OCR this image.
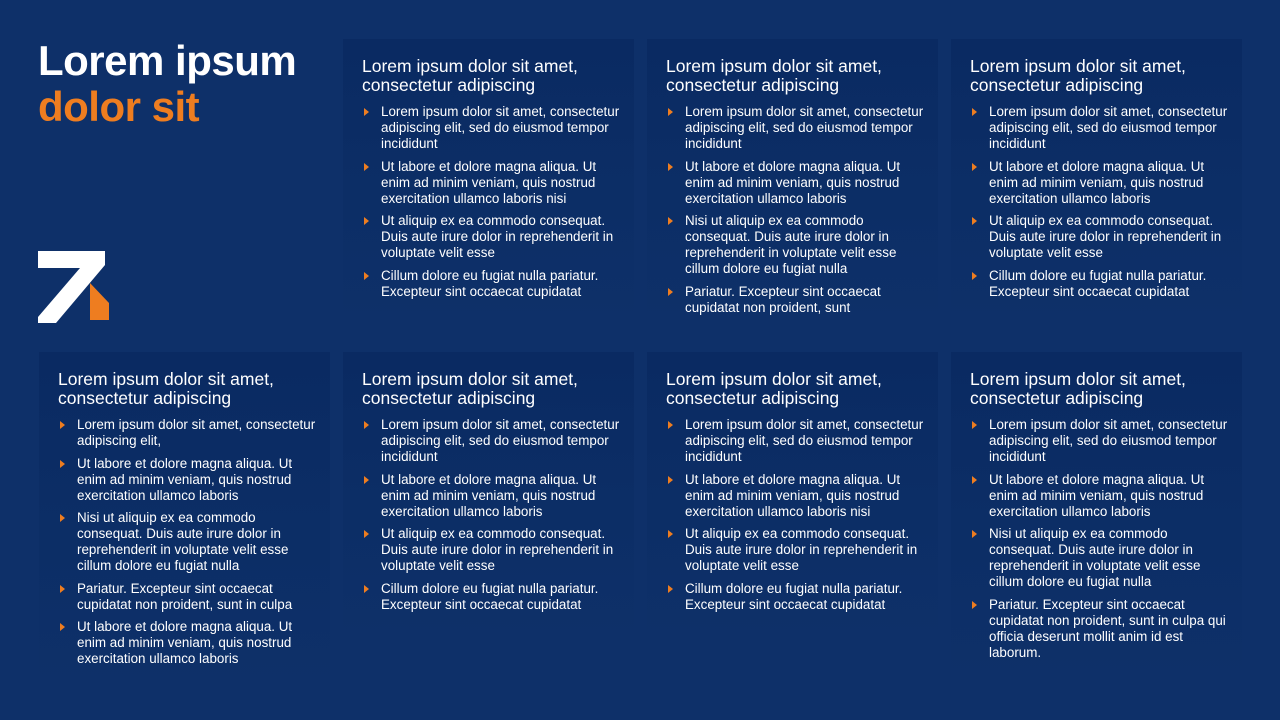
Lorem ipsum
dolor sit
Lorem ipsum dolor sit amet, consectetur adipiscing
Lorem ipsum dolor sit amet, consectetur adipiscing elit, sed do eiusmod tempor incididunt
Ut labore et dolore magna aliqua. Ut enim ad minim veniam, quis nostrud exercitation ullamco laboris nisi
Ut aliquip ex ea commodo consequat. Duis aute irure dolor in reprehenderit in voluptate velit esse
Cillum dolore eu fugiat nulla pariatur. Excepteur sint occaecat cupidatat
Lorem ipsum dolor sit amet, consectetur adipiscing
Lorem ipsum dolor sit amet, consectetur adipiscing elit, sed do eiusmod tempor incididunt
Ut labore et dolore magna aliqua. Ut enim ad minim veniam, quis nostrud exercitation ullamco laboris
Nisi ut aliquip ex ea commodo consequat. Duis aute irure dolor in reprehenderit in voluptate velit esse cillum dolore eu fugiat nulla
Pariatur. Excepteur sint occaecat cupidatat non proident, sunt
Lorem ipsum dolor sit amet, consectetur adipiscing
Lorem ipsum dolor sit amet, consectetur adipiscing elit, sed do eiusmod tempor incididunt
Ut labore et dolore magna aliqua. Ut enim ad minim veniam, quis nostrud exercitation ullamco laboris
Ut aliquip ex ea commodo consequat. Duis aute irure dolor in reprehenderit in voluptate velit esse
Cillum dolore eu fugiat nulla pariatur. Excepteur sint occaecat cupidatat
Lorem ipsum dolor sit amet, consectetur adipiscing
Lorem ipsum dolor sit amet, consectetur adipiscing elit,
Ut labore et dolore magna aliqua. Ut enim ad minim veniam, quis nostrud exercitation ullamco laboris
Nisi ut aliquip ex ea commodo consequat. Duis aute irure dolor in reprehenderit in voluptate velit esse cillum dolore eu fugiat nulla
Pariatur. Excepteur sint occaecat cupidatat non proident, sunt in culpa
Ut labore et dolore magna aliqua. Ut enim ad minim veniam, quis nostrud exercitation ullamco laboris
Lorem ipsum dolor sit amet, consectetur adipiscing
Lorem ipsum dolor sit amet, consectetur adipiscing elit, sed do eiusmod tempor incididunt
Ut labore et dolore magna aliqua. Ut enim ad minim veniam, quis nostrud exercitation ullamco laboris
Ut aliquip ex ea commodo consequat. Duis aute irure dolor in reprehenderit in voluptate velit esse
Cillum dolore eu fugiat nulla pariatur. Excepteur sint occaecat cupidatat
Lorem ipsum dolor sit amet, consectetur adipiscing
Lorem ipsum dolor sit amet, consectetur adipiscing elit, sed do eiusmod tempor incididunt
Ut labore et dolore magna aliqua. Ut enim ad minim veniam, quis nostrud exercitation ullamco laboris nisi
Ut aliquip ex ea commodo consequat. Duis aute irure dolor in reprehenderit in voluptate velit esse
Cillum dolore eu fugiat nulla pariatur. Excepteur sint occaecat cupidatat
Lorem ipsum dolor sit amet, consectetur adipiscing
Lorem ipsum dolor sit amet, consectetur adipiscing elit, sed do eiusmod tempor incididunt
Ut labore et dolore magna aliqua. Ut enim ad minim veniam, quis nostrud exercitation ullamco laboris
Nisi ut aliquip ex ea commodo consequat. Duis aute irure dolor in reprehenderit in voluptate velit esse cillum dolore eu fugiat nulla
Pariatur. Excepteur sint occaecat cupidatat non proident, sunt in culpa qui officia deserunt mollit anim id est laborum.
